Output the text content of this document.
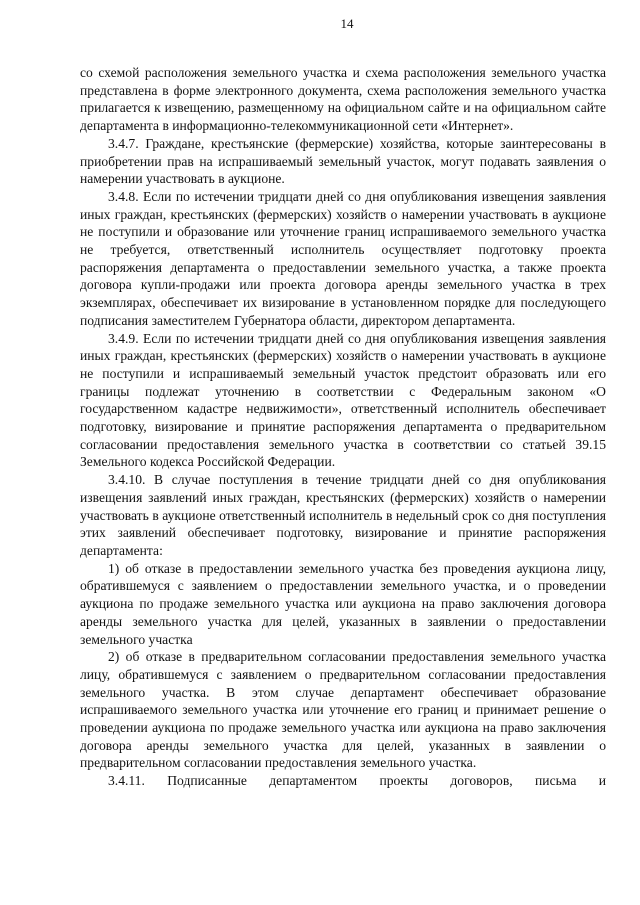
14

со схемой расположения земельного участка и схема расположения земельного участка представлена в форме электронного документа, схема расположения земельного участка прилагается к извещению, размещенному на официальном сайте и на официальном сайте департамента в информационно-телекоммуникационной сети «Интернет».

3.4.7. Граждане, крестьянские (фермерские) хозяйства, которые заинтересованы в приобретении прав на испрашиваемый земельный участок, могут подавать заявления о намерении участвовать в аукционе.

3.4.8. Если по истечении тридцати дней со дня опубликования извещения заявления иных граждан, крестьянских (фермерских) хозяйств о намерении участвовать в аукционе не поступили и образование или уточнение границ испрашиваемого земельного участка не требуется, ответственный исполнитель осуществляет подготовку проекта распоряжения департамента о предоставлении земельного участка, а также проекта договора купли-продажи или проекта договора аренды земельного участка в трех экземплярах, обеспечивает их визирование в установленном порядке для последующего подписания заместителем Губернатора области, директором департамента.

3.4.9. Если по истечении тридцати дней со дня опубликования извещения заявления иных граждан, крестьянских (фермерских) хозяйств о намерении участвовать в аукционе не поступили и испрашиваемый земельный участок предстоит образовать или его границы подлежат уточнению в соответствии с Федеральным законом «О государственном кадастре недвижимости», ответственный исполнитель обеспечивает подготовку, визирование и принятие распоряжения департамента о предварительном согласовании предоставления земельного участка в соответствии со статьей 39.15 Земельного кодекса Российской Федерации.

3.4.10. В случае поступления в течение тридцати дней со дня опубликования извещения заявлений иных граждан, крестьянских (фермерских) хозяйств о намерении участвовать в аукционе ответственный исполнитель в недельный срок со дня поступления этих заявлений обеспечивает подготовку, визирование и принятие распоряжения департамента:

1) об отказе в предоставлении земельного участка без проведения аукциона лицу, обратившемуся с заявлением о предоставлении земельного участка, и о проведении аукциона по продаже земельного участка или аукциона на право заключения договора аренды земельного участка для целей, указанных в заявлении о предоставлении земельного участка

2) об отказе в предварительном согласовании предоставления земельного участка лицу, обратившемуся с заявлением о предварительном согласовании предоставления земельного участка. В этом случае департамент обеспечивает образование испрашиваемого земельного участка или уточнение его границ и принимает решение о проведении аукциона по продаже земельного участка или аукциона на право заключения договора аренды земельного участка для целей, указанных в заявлении о предварительном согласовании предоставления земельного участка.

3.4.11. Подписанные департаментом проекты договоров, письма и
